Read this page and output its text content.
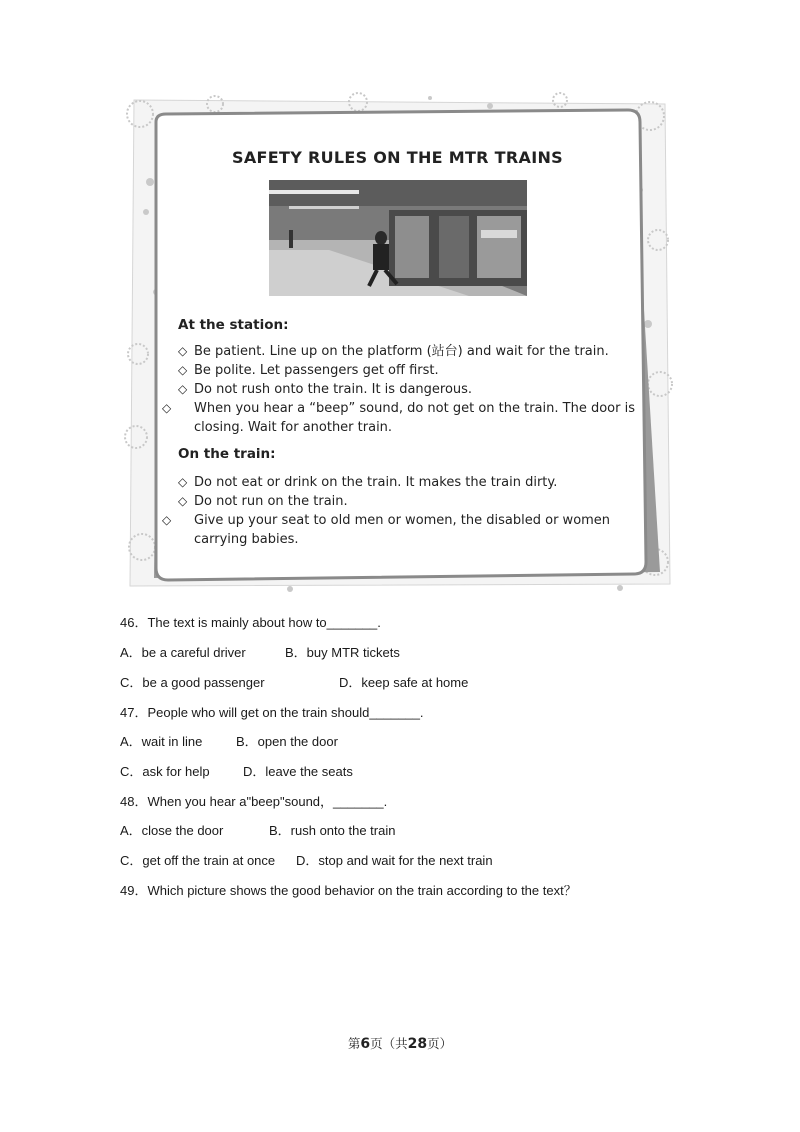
SAFETY RULES ON THE MTR TRAINS
At the station:
◇ Be patient. Line up on the platform (站台) and wait for the train.
◇ Be polite. Let passengers get off first.
◇ Do not rush onto the train. It is dangerous.
◇ When you hear a “beep” sound, do not get on the train. The door is closing. Wait for another train.
On the train:
◇ Do not eat or drink on the train. It makes the train dirty.
◇ Do not run on the train.
◇ Give up your seat to old men or women, the disabled or women carrying babies.
46．The text is mainly about how to_______.
A．be a careful driver	B．buy MTR tickets
C．be a good passenger	D．keep safe at home
47．People who will get on the train should_______.
A．wait in line	B．open the door
C．ask for help	D．leave the seats
48．When you hear a"beep"sound，_______.
A．close the door	B．rush onto the train
C．get off the train at once D．stop and wait for the next train
49．Which picture shows the good behavior on the train according to the text？
第6页（共28页）
